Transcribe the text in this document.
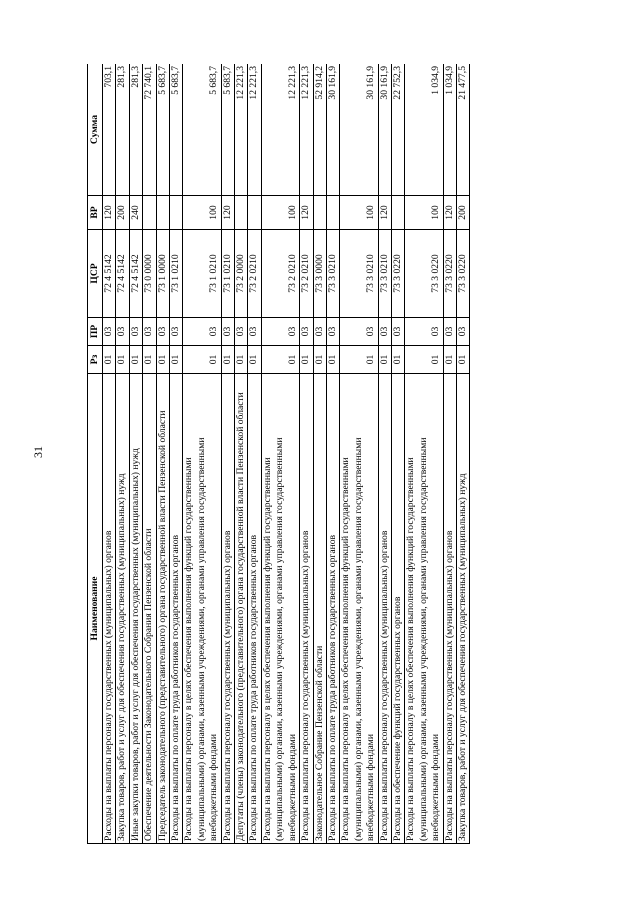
31
Наименование	Рз	ПР	ЦСР	ВР	Сумма
Расходы на выплаты персоналу государственных (муниципальных) органов	01	03	72 4 5142	120	703,1
Закупка товаров, работ и услуг для обеспечения государственных (муниципальных) нужд	01	03	72 4 5142	200	281,3
Иные закупки товаров, работ и услуг для обеспечения государственных (муниципальных) нужд	01	03	72 4 5142	240	281,3
Обеспечение деятельности Законодательного Собрания Пензенской области	01	03	73 0 0000		72 740,1
Председатель законодательного (представительного) органа государственной власти Пензенской области	01	03	73 1 0000		5 683,7
Расходы на выплаты по оплате труда работников государственных органов	01	03	73 1 0210		5 683,7
Расходы на выплаты персоналу в целях обеспечения выполнения функций государственными (муниципальными) органами, казенными учреждениями, органами управления государственными внебюджетными фондами	01	03	73 1 0210	100	5 683,7
Расходы на выплаты персоналу государственных (муниципальных) органов	01	03	73 1 0210	120	5 683,7
Депутаты (члены) законодательного (представительного) органа государственной власти Пензенской области	01	03	73 2 0000		12 221,3
Расходы на выплаты по оплате труда работников государственных органов	01	03	73 2 0210		12 221,3
Расходы на выплаты персоналу в целях обеспечения выполнения функций государственными (муниципальными) органами, казенными учреждениями, органами управления государственными внебюджетными фондами	01	03	73 2 0210	100	12 221,3
Расходы на выплаты персоналу государственных (муниципальных) органов	01	03	73 2 0210	120	12 221,3
Законодательное Собрание Пензенской области	01	03	73 3 0000		52 914,2
Расходы на выплаты по оплате труда работников государственных органов	01	03	73 3 0210		30 161,9
Расходы на выплаты персоналу в целях обеспечения выполнения функций государственными (муниципальными) органами, казенными учреждениями, органами управления государственными внебюджетными фондами	01	03	73 3 0210	100	30 161,9
Расходы на выплаты персоналу государственных (муниципальных) органов	01	03	73 3 0210	120	30 161,9
Расходы на обеспечение функций государственных органов	01	03	73 3 0220		22 752,3
Расходы на выплаты персоналу в целях обеспечения выполнения функций государственными (муниципальными) органами, казенными учреждениями, органами управления государственными внебюджетными фондами	01	03	73 3 0220	100	1 034,9
Расходы на выплаты персоналу государственных (муниципальных) органов	01	03	73 3 0220	120	1 034,9
Закупка товаров, работ и услуг для обеспечения государственных (муниципальных) нужд	01	03	73 3 0220	200	21 477,5
